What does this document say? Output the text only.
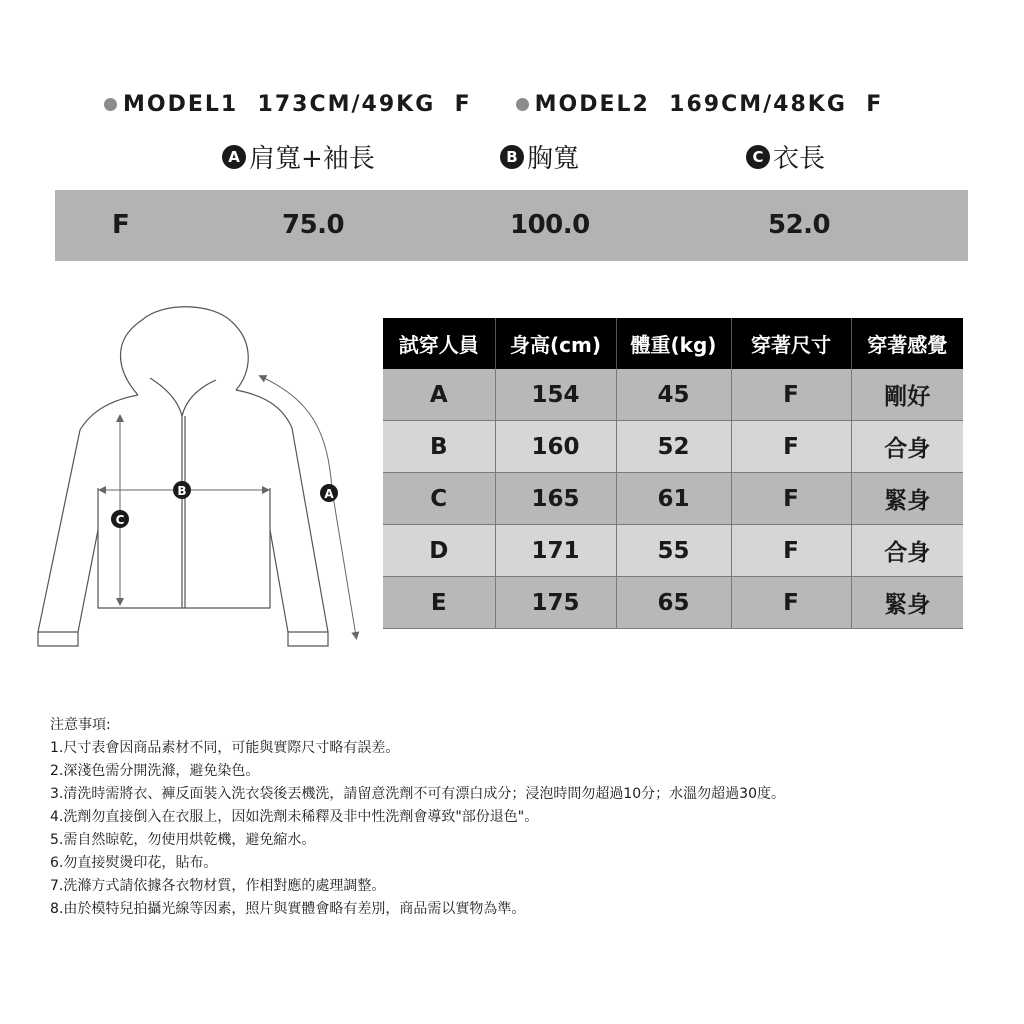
MODEL1
173CM/49KG
F	MODEL2
169CM/48KG
F
A 肩寬+袖長	B 胸寬	C 衣長
F	75.0	100.0	52.0
B
C
A
試穿人員	身高(cm)	體重(kg)	穿著尺寸	穿著感覺
A	154	45	F	剛好
B	160	52	F	合身
C	165	61	F	緊身
D	171	55	F	合身
E	175	65	F	緊身
注意事項:
1.尺寸表會因商品素材不同，可能與實際尺寸略有誤差。
2.深淺色需分開洗滌，避免染色。
3.清洗時需將衣、褲反面裝入洗衣袋後丟機洗，請留意洗劑不可有漂白成分；浸泡時間勿超過10分；水溫勿超過30度。
4.洗劑勿直接倒入在衣服上，因如洗劑未稀釋及非中性洗劑會導致"部份退色"。
5.需自然晾乾，勿使用烘乾機，避免縮水。
6.勿直接熨燙印花，貼布。
7.洗滌方式請依據各衣物材質，作相對應的處理調整。
8.由於模特兒拍攝光線等因素，照片與實體會略有差別，商品需以實物為準。
